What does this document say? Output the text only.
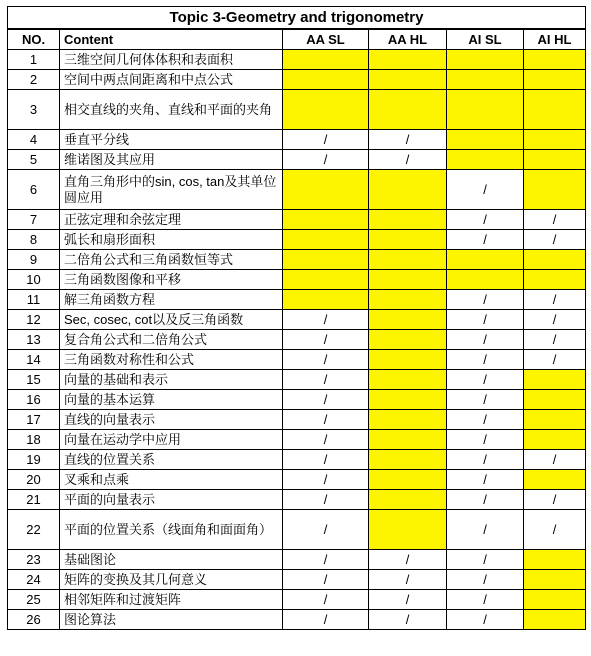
Topic 3-Geometry and trigonometry					
NO.	Content	AA SL	AA HL	AI SL	AI HL
1	三维空间几何体体积和表面积				
2	空间中两点间距离和中点公式				
3	相交直线的夹角、直线和平面的夹角				
4	垂直平分线	/	/		
5	维诺图及其应用	/	/		
6	直角三角形中的sin, cos, tan及其单位圆应用			/	
7	正弦定理和余弦定理			/	/
8	弧长和扇形面积			/	/
9	二倍角公式和三角函数恒等式				
10	三角函数图像和平移				
11	解三角函数方程			/	/
12	Sec, cosec, cot以及反三角函数	/		/	/
13	复合角公式和二倍角公式	/		/	/
14	三角函数对称性和公式	/		/	/
15	向量的基础和表示	/		/	
16	向量的基本运算	/		/	
17	直线的向量表示	/		/	
18	向量在运动学中应用	/		/	
19	直线的位置关系	/		/	/
20	叉乘和点乘	/		/	
21	平面的向量表示	/		/	/
22	平面的位置关系（线面角和面面角）	/		/	/
23	基础图论	/	/	/	
24	矩阵的变换及其几何意义	/	/	/	
25	相邻矩阵和过渡矩阵	/	/	/	
26	图论算法	/	/	/	
